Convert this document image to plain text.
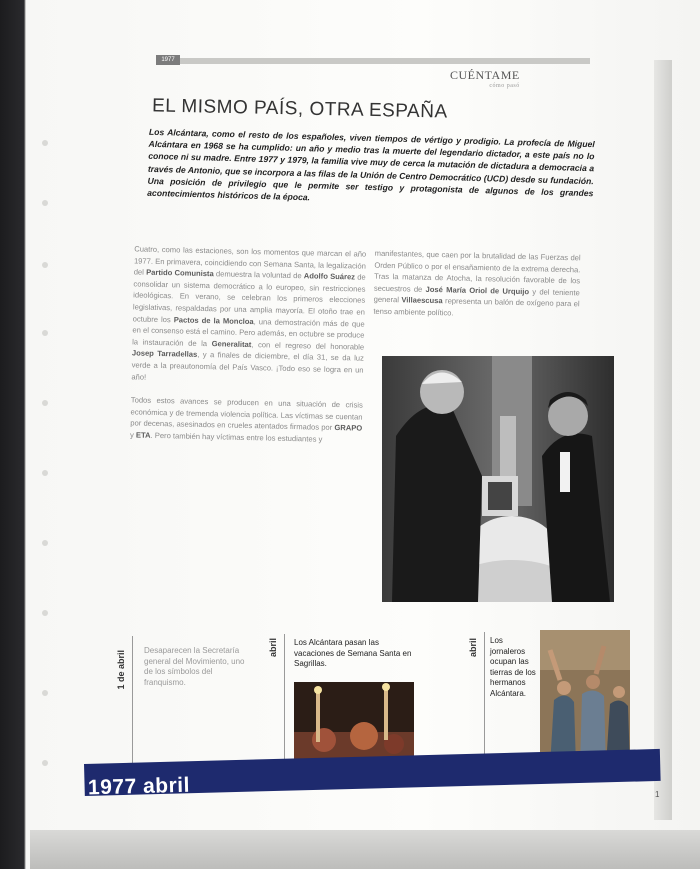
1977
CUÉNTAME
cómo pasó
EL MISMO PAÍS, OTRA ESPAÑA
Los Alcántara, como el resto de los españoles, viven tiempos de vértigo y prodigio. La profecía de Miguel Alcántara en 1968 se ha cumplido: un año y medio tras la muerte del legendario dictador, a este país no lo conoce ni su madre. Entre 1977 y 1979, la familia vive muy de cerca la mutación de dictadura a democracia a través de Antonio, que se incorpora a las filas de la Unión de Centro Democrático (UCD) desde su fundación. Una posición de privilegio que le permite ser testigo y protagonista de algunos de los grandes acontecimientos históricos de la época.

Cuatro, como las estaciones, son los momentos que marcan el año 1977. En primavera, coincidiendo con Semana Santa, la legalización del Partido Comunista demuestra la voluntad de Adolfo Suárez de consolidar un sistema democrático a lo europeo, sin restricciones ideológicas. En verano, se celebran los primeros elecciones legislativas, respaldadas por una amplia mayoría. El otoño trae en octubre los Pactos de la Moncloa, una demostración más de que en el consenso está el camino. Pero además, en octubre se produce la instauración de la Generalitat, con el regreso del honorable Josep Tarradellas, y a finales de diciembre, el día 31, se da luz verde a la preautonomía del País Vasco. ¡Todo eso se logra en un año!

Todos estos avances se producen en una situación de crisis económica y de tremenda violencia política. Las víctimas se cuentan por decenas, asesinados en crueles atentados firmados por GRAPO y ETA. Pero también hay víctimas entre los estudiantes y

manifestantes, que caen por la brutalidad de las Fuerzas del Orden Público o por el ensañamiento de la extrema derecha. Tras la matanza de Atocha, la resolución favorable de los secuestros de José María Oriol de Urquijo y del teniente general Villaescusa representa un balón de oxígeno para el tenso ambiente político.
1 de abril Desaparecen la Secretaría general del Movimiento, uno de los símbolos del franquismo.
abril Los Alcántara pasan las vacaciones de Semana Santa en Sagrillas.
abril Los jornaleros ocupan las tierras de los hermanos Alcántara.
1977 abril	1
